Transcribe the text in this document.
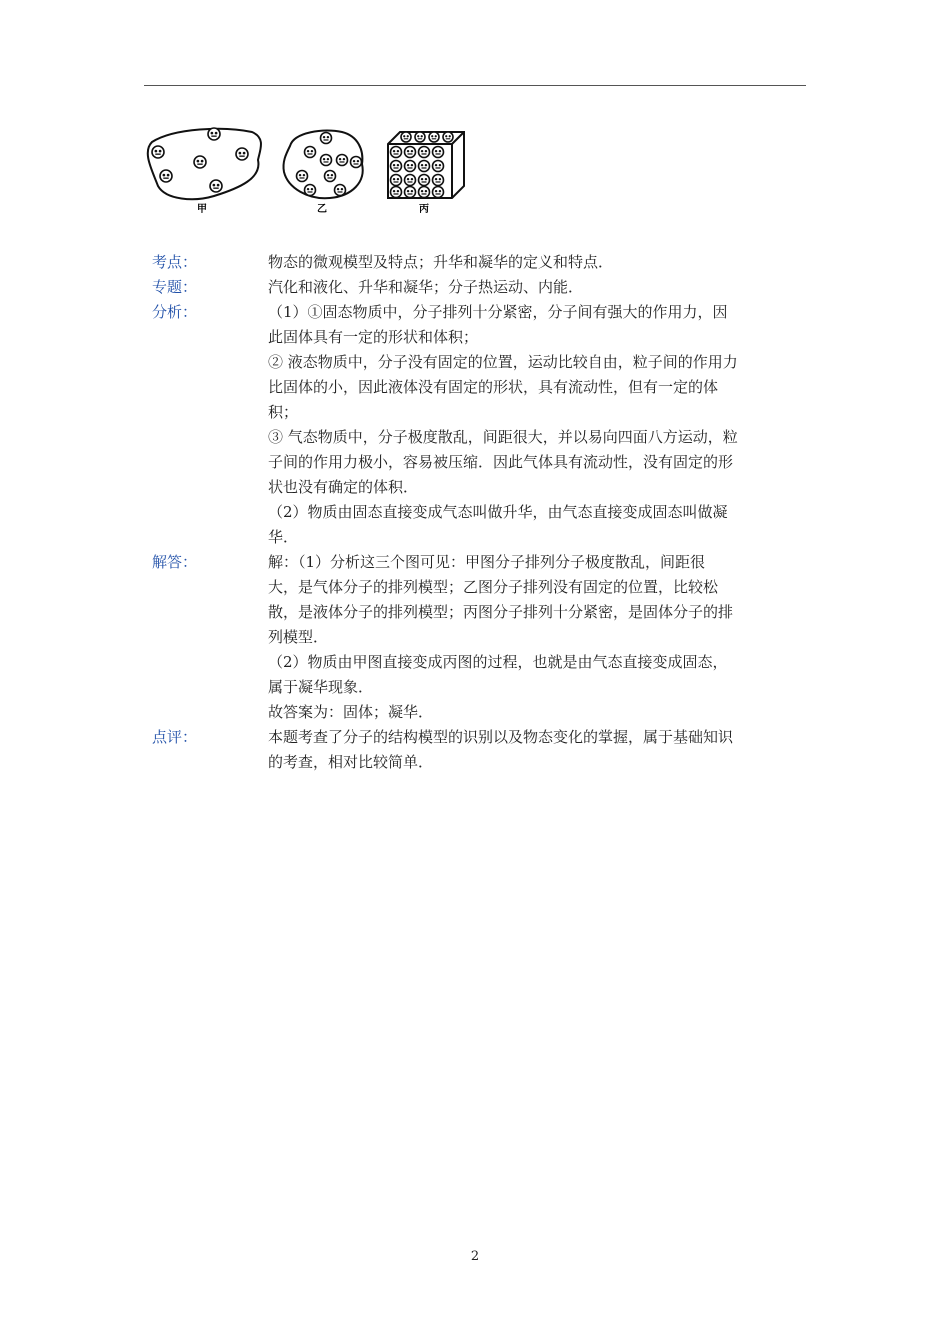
甲	乙	丙
考点：	物态的微观模型及特点；升华和凝华的定义和特点．

专题：	汽化和液化、升华和凝华；分子热运动、内能．

分析：	（1）①固态物质中，分子排列十分紧密，分子间有强大的作用力，因

此固体具有一定的形状和体积；

② 液态物质中，分子没有固定的位置，运动比较自由，粒子间的作用力

比固体的小，因此液体没有固定的形状，具有流动性，但有一定的体

积；

③ 气态物质中，分子极度散乱，间距很大，并以易向四面八方运动，粒

子间的作用力极小，容易被压缩．因此气体具有流动性，没有固定的形

状也没有确定的体积．

（2）物质由固态直接变成气态叫做升华，由气态直接变成固态叫做凝

华．

解答：	解：（1）分析这三个图可见：甲图分子排列分子极度散乱，间距很

大，是气体分子的排列模型；乙图分子排列没有固定的位置，比较松

散，是液体分子的排列模型；丙图分子排列十分紧密，是固体分子的排

列模型．

（2）物质由甲图直接变成丙图的过程，也就是由气态直接变成固态，

属于凝华现象．

故答案为：固体；凝华．

点评：	本题考查了分子的结构模型的识别以及物态变化的掌握，属于基础知识

的考查，相对比较简单．

2
